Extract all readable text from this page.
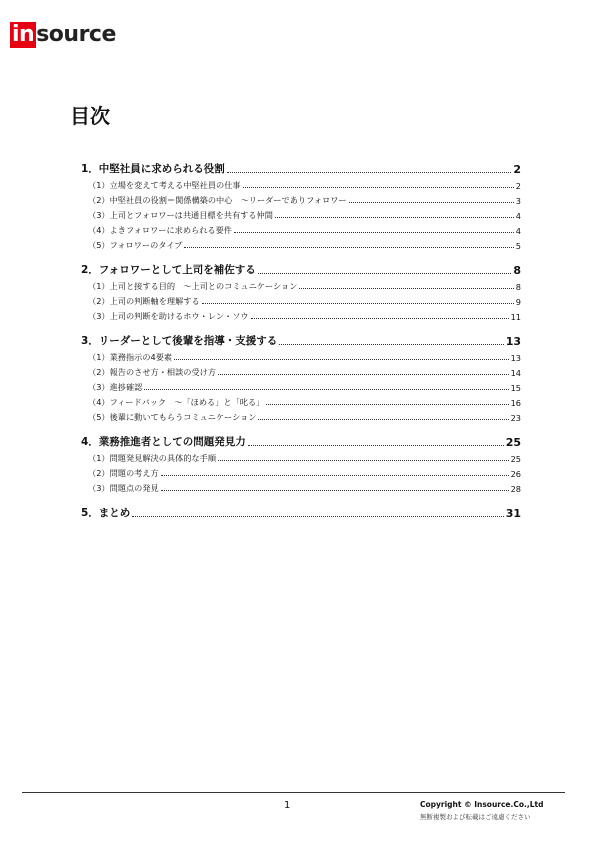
in source
目次
1．中堅社員に求められる役割	2
（1）立場を変えて考える中堅社員の仕事	2
（2）中堅社員の役割＝関係構築の中心　～リーダーでありフォロワー	3
（3）上司とフォロワーは共通目標を共有する仲間	4
（4）よきフォロワーに求められる要件	4
（5）フォロワーのタイプ	5
2．フォロワーとして上司を補佐する	8
（1）上司と接する目的　～上司とのコミュニケーション	8
（2）上司の判断軸を理解する	9
（3）上司の判断を助けるホウ・レン・ソウ	11
3．リーダーとして後輩を指導・支援する	13
（1）業務指示の4要素	13
（2）報告のさせ方・相談の受け方	14
（3）進捗確認	15
（4）フィードバック　～「ほめる」と「叱る」	16
（5）後輩に動いてもらうコミュニケーション	23
4．業務推進者としての問題発見力	25
（1）問題発見解決の具体的な手順	25
（2）問題の考え方	26
（3）問題点の発見	28
5．まとめ	31
1	Copyright © Insource.Co.,Ltd
無断複製および転載はご遠慮ください
